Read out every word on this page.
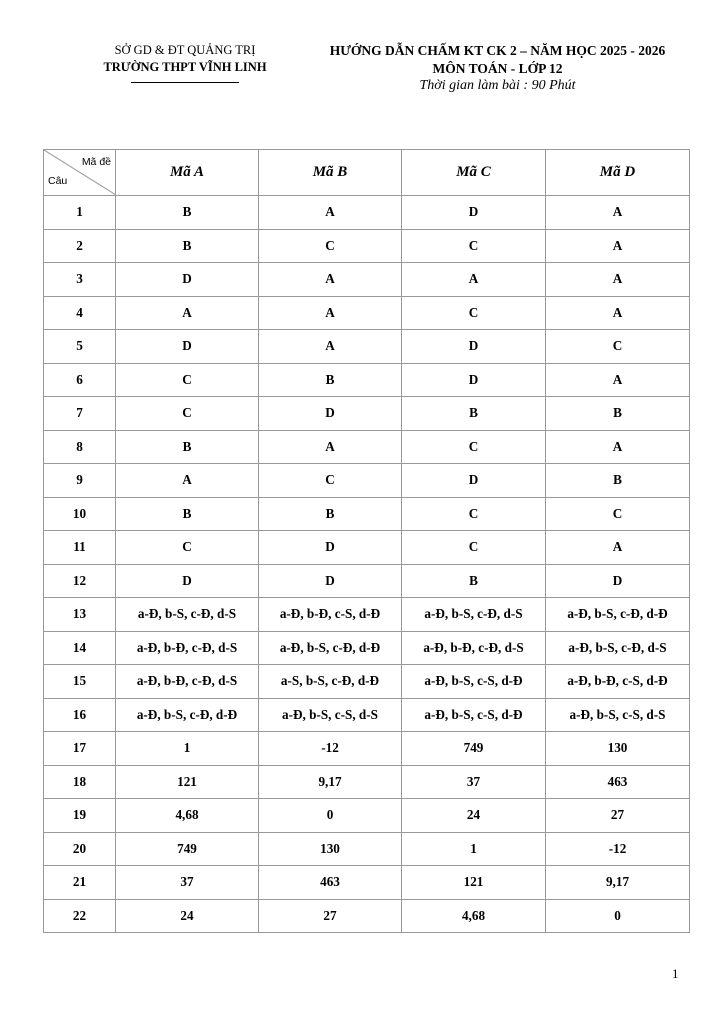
SỞ GD & ĐT QUẢNG TRỊ
TRƯỜNG THPT VĨNH LINH
HƯỚNG DẪN CHẤM KT CK 2 – NĂM HỌC 2025 - 2026
MÔN TOÁN - LỚP 12
Thời gian làm bài : 90 Phút
Mã đề
Câu	Mã A	Mã B	Mã C	Mã D
1	B	A	D	A
2	B	C	C	A
3	D	A	A	A
4	A	A	C	A
5	D	A	D	C
6	C	B	D	A
7	C	D	B	B
8	B	A	C	A
9	A	C	D	B
10	B	B	C	C
11	C	D	C	A
12	D	D	B	D
13	a-Đ, b-S, c-Đ, d-S	a-Đ, b-Đ, c-S, d-Đ	a-Đ, b-S, c-Đ, d-S	a-Đ, b-S, c-Đ, d-Đ
14	a-Đ, b-Đ, c-Đ, d-S	a-Đ, b-S, c-Đ, d-Đ	a-Đ, b-Đ, c-Đ, d-S	a-Đ, b-S, c-Đ, d-S
15	a-Đ, b-Đ, c-Đ, d-S	a-S, b-S, c-Đ, d-Đ	a-Đ, b-S, c-S, d-Đ	a-Đ, b-Đ, c-S, d-Đ
16	a-Đ, b-S, c-Đ, d-Đ	a-Đ, b-S, c-S, d-S	a-Đ, b-S, c-S, d-Đ	a-Đ, b-S, c-S, d-S
17	1	-12	749	130
18	121	9,17	37	463
19	4,68	0	24	27
20	749	130	1	-12
21	37	463	121	9,17
22	24	27	4,68	0
1
